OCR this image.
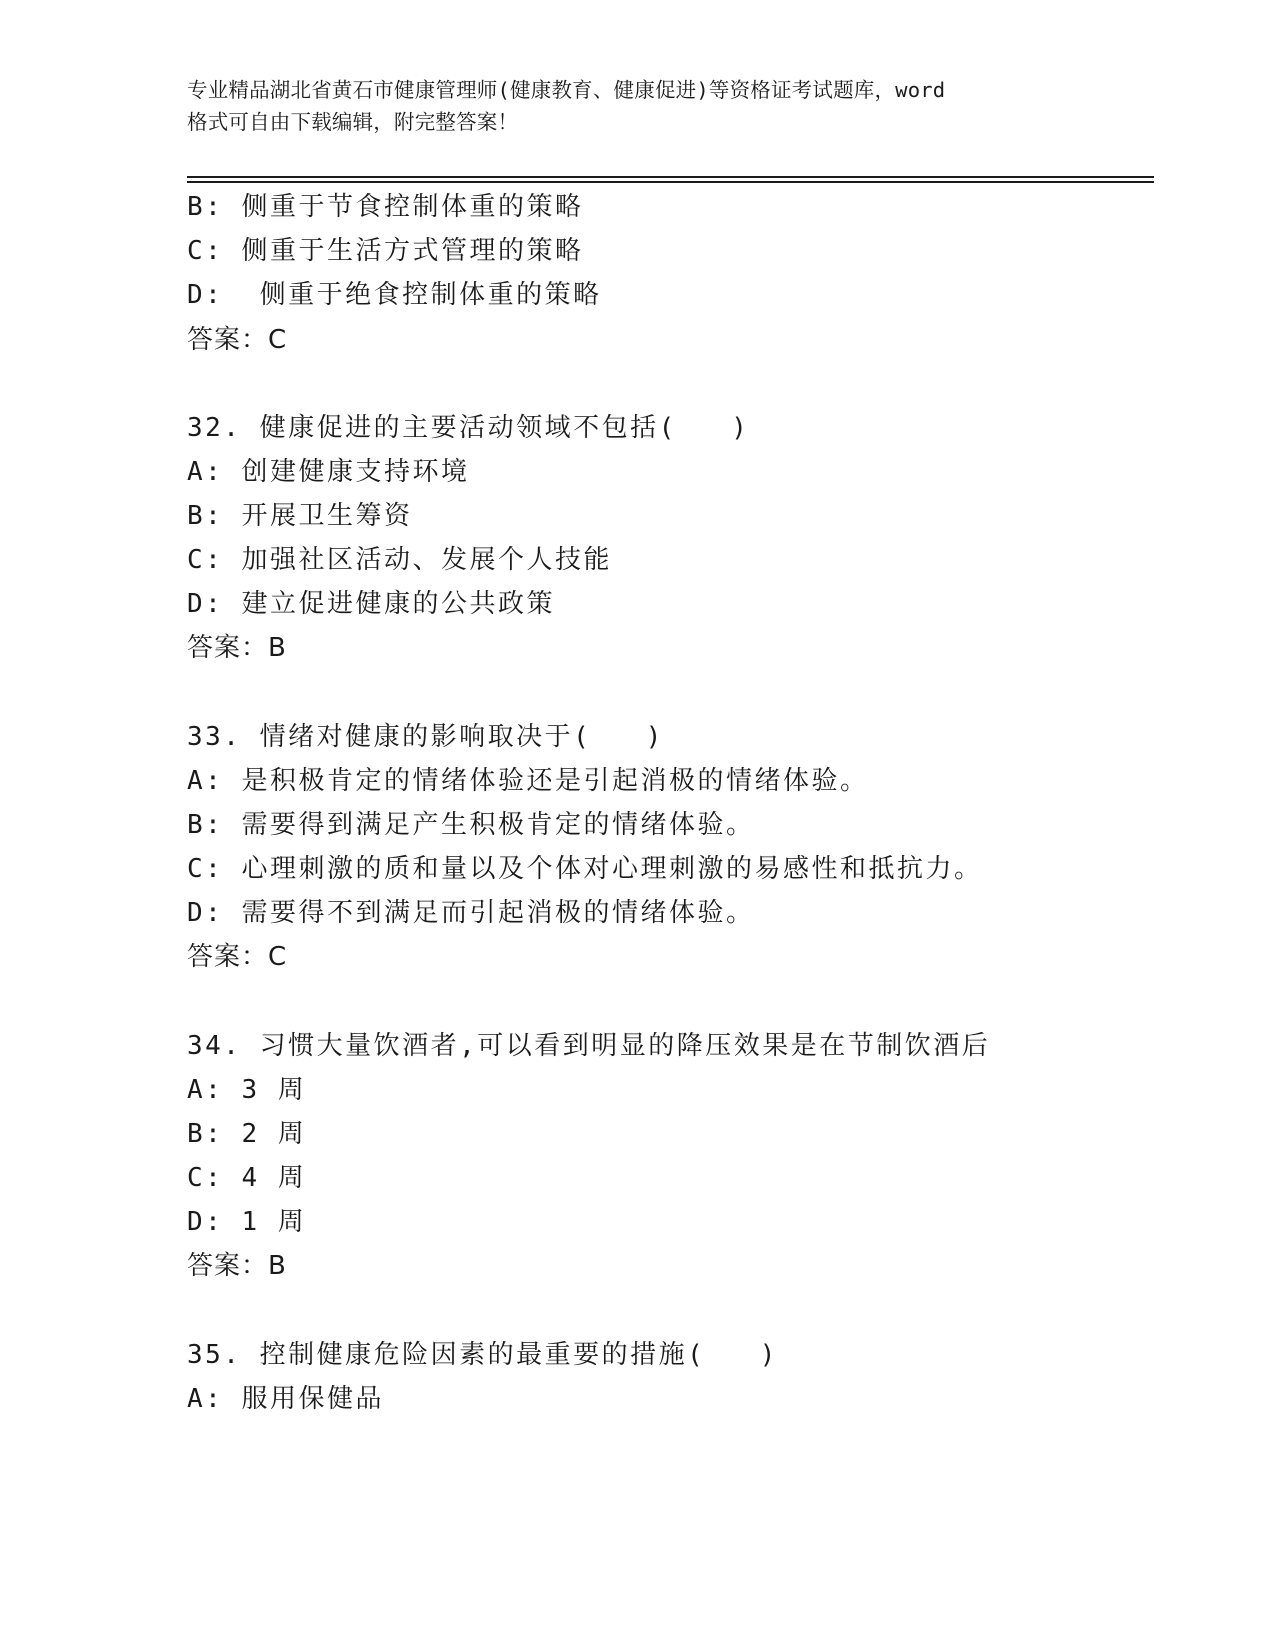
专业精品湖北省黄石市健康管理师(健康教育、健康促进)等资格证考试题库，word
格式可自由下载编辑，附完整答案！
B: 侧重于节食控制体重的策略
C: 侧重于生活方式管理的策略
D:  侧重于绝食控制体重的策略
答案：C
32. 健康促进的主要活动领域不包括(   )
A: 创建健康支持环境
B: 开展卫生筹资
C: 加强社区活动、发展个人技能
D: 建立促进健康的公共政策
答案：B
33. 情绪对健康的影响取决于(   )
A: 是积极肯定的情绪体验还是引起消极的情绪体验。
B: 需要得到满足产生积极肯定的情绪体验。
C: 心理刺激的质和量以及个体对心理刺激的易感性和抵抗力。
D: 需要得不到满足而引起消极的情绪体验。
答案：C
34. 习惯大量饮酒者,可以看到明显的降压效果是在节制饮酒后
A: 3 周
B: 2 周
C: 4 周
D: 1 周
答案：B
35. 控制健康危险因素的最重要的措施(   )
A: 服用保健品
